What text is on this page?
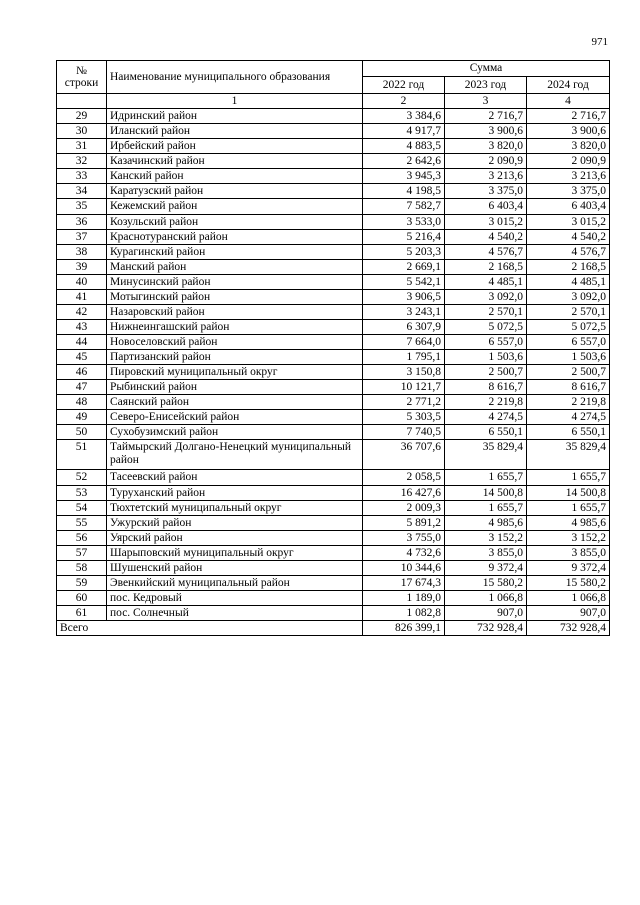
971
№
строки	Наименование муниципального образования	Сумма		
		2022 год	2023 год	2024 год
	1	2	3	4
29	Идринский район	3 384,6	2 716,7	2 716,7
30	Иланский район	4 917,7	3 900,6	3 900,6
31	Ирбейский район	4 883,5	3 820,0	3 820,0
32	Казачинский район	2 642,6	2 090,9	2 090,9
33	Канский район	3 945,3	3 213,6	3 213,6
34	Каратузский район	4 198,5	3 375,0	3 375,0
35	Кежемский район	7 582,7	6 403,4	6 403,4
36	Козульский район	3 533,0	3 015,2	3 015,2
37	Краснотуранский район	5 216,4	4 540,2	4 540,2
38	Курагинский район	5 203,3	4 576,7	4 576,7
39	Манский район	2 669,1	2 168,5	2 168,5
40	Минусинский район	5 542,1	4 485,1	4 485,1
41	Мотыгинский район	3 906,5	3 092,0	3 092,0
42	Назаровский район	3 243,1	2 570,1	2 570,1
43	Нижнеингашский район	6 307,9	5 072,5	5 072,5
44	Новоселовский район	7 664,0	6 557,0	6 557,0
45	Партизанский район	1 795,1	1 503,6	1 503,6
46	Пировский муниципальный округ	3 150,8	2 500,7	2 500,7
47	Рыбинский район	10 121,7	8 616,7	8 616,7
48	Саянский район	2 771,2	2 219,8	2 219,8
49	Северо-Енисейский район	5 303,5	4 274,5	4 274,5
50	Сухобузимский район	7 740,5	6 550,1	6 550,1
51	Таймырский Долгано-Ненецкий муниципальный район	36 707,6	35 829,4	35 829,4
52	Тасеевский район	2 058,5	1 655,7	1 655,7
53	Туруханский район	16 427,6	14 500,8	14 500,8
54	Тюхтетский муниципальный округ	2 009,3	1 655,7	1 655,7
55	Ужурский район	5 891,2	4 985,6	4 985,6
56	Уярский район	3 755,0	3 152,2	3 152,2
57	Шарыповский муниципальный округ	4 732,6	3 855,0	3 855,0
58	Шушенский район	10 344,6	9 372,4	9 372,4
59	Эвенкийский муниципальный район	17 674,3	15 580,2	15 580,2
60	пос. Кедровый	1 189,0	1 066,8	1 066,8
61	пос. Солнечный	1 082,8	907,0	907,0
Всего		826 399,1	732 928,4	732 928,4
